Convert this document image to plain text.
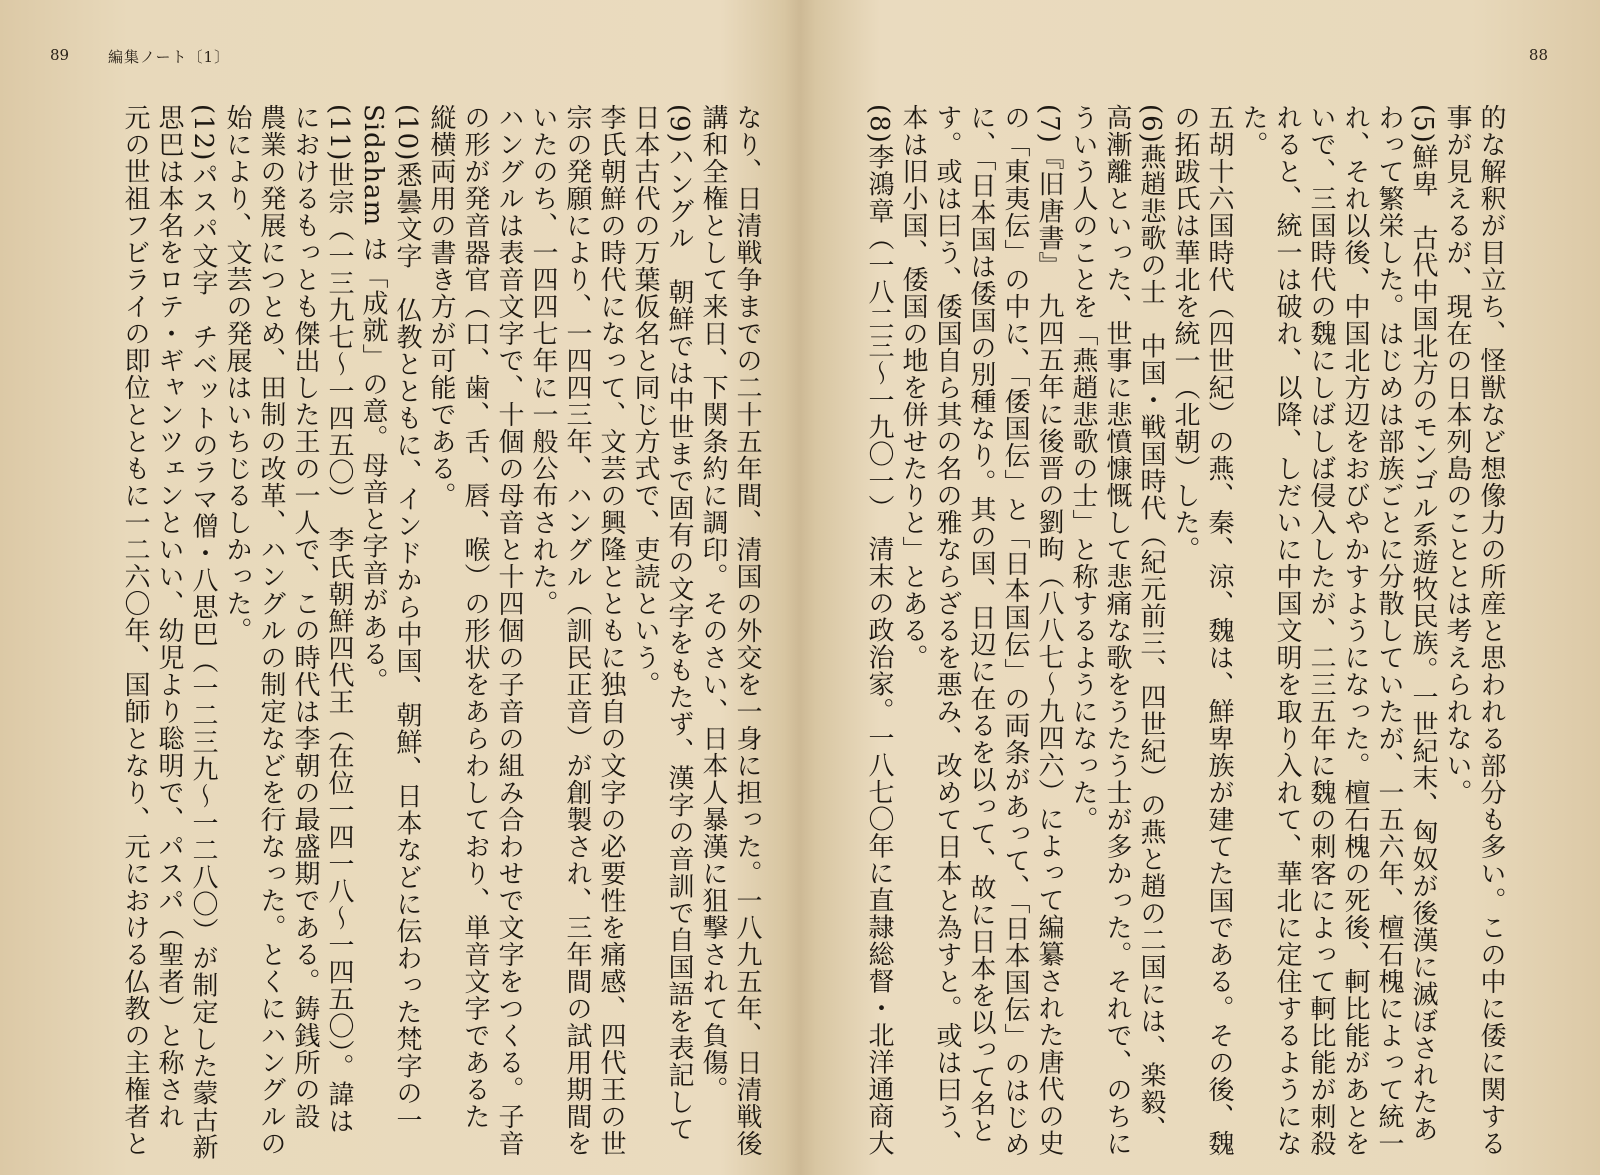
89	編集ノート〔1〕
なり、日清戦争までの二十五年間、清国の外交を一身に担った。一八九五年、日清戦後
講和全権として来日、下関条約に調印。そのさい、日本人暴漢に狙撃されて負傷。
(9)ハングル　朝鮮では中世まで固有の文字をもたず、漢字の音訓で自国語を表記して
日本古代の万葉仮名と同じ方式で、吏読という。
李氏朝鮮の時代になって、文芸の興隆とともに独自の文字の必要性を痛感、四代王の世
宗の発願により、一四四三年、ハングル（訓民正音）が創製され、三年間の試用期間を
いたのち、一四四七年に一般公布された。
ハングルは表音文字で、十個の母音と十四個の子音の組み合わせで文字をつくる。子音
の形が発音器官（口、歯、舌、唇、喉）の形状をあらわしており、単音文字であるた
縦横両用の書き方が可能である。
(10)悉曇文字　仏教とともに、インドから中国、朝鮮、日本などに伝わった梵字の一
Sidaham は「成就」の意。母音と字音がある。
(11)世宗（一三九七〜一四五〇）　李氏朝鮮四代王（在位一四一八〜一四五〇）。諱は
におけるもっとも傑出した王の一人で、この時代は李朝の最盛期である。鋳銭所の設
農業の発展につとめ、田制の改革、ハングルの制定などを行なった。とくにハングルの
始により、文芸の発展はいちじるしかった。
(12)パスパ文字　チベットのラマ僧・八思巴（一二三九〜一二八〇）が制定した蒙古新
思巴は本名をロテ・ギャンツェンといい、幼児より聡明で、パスパ（聖者）と称され
元の世祖フビライの即位とともに一二六〇年、国師となり、元における仏教の主権者と
88
的な解釈が目立ち、怪獣など想像力の所産と思われる部分も多い。この中に倭に関する
事が見えるが、現在の日本列島のこととは考えられない。
(5)鮮卑　古代中国北方のモンゴル系遊牧民族。一世紀末、匈奴が後漢に滅ぼされたあ
わって繁栄した。はじめは部族ごとに分散していたが、一五六年、檀石槐によって統一
れ、それ以後、中国北方辺をおびやかすようになった。檀石槐の死後、軻比能があとを
いで、三国時代の魏にしばしば侵入したが、二三五年に魏の刺客によって軻比能が刺殺
れると、統一は破れ、以降、しだいに中国文明を取り入れて、華北に定住するようにな
た。
五胡十六国時代（四世紀）の燕、秦、涼、魏は、鮮卑族が建てた国である。その後、魏
の拓跋氏は華北を統一（北朝）した。
(6)燕趙悲歌の士　中国・戦国時代（紀元前三、四世紀）の燕と趙の二国には、楽毅、
高漸離といった、世事に悲憤慷慨して悲痛な歌をうたう士が多かった。それで、のちに
ういう人のことを「燕趙悲歌の士」と称するようになった。
(7)『旧唐書』　九四五年に後晋の劉昫（八八七〜九四六）によって編纂された唐代の史
の「東夷伝」の中に、「倭国伝」と「日本国伝」の両条があって、「日本国伝」のはじめ
に、「日本国は倭国の別種なり。其の国、日辺に在るを以って、故に日本を以って名と
す。或は曰う、倭国自ら其の名の雅ならざるを悪み、改めて日本と為すと。或は曰う、
本は旧小国、倭国の地を併せたりと」とある。
(8)李鴻章（一八二三〜一九〇一）　清末の政治家。一八七〇年に直隷総督・北洋通商大
